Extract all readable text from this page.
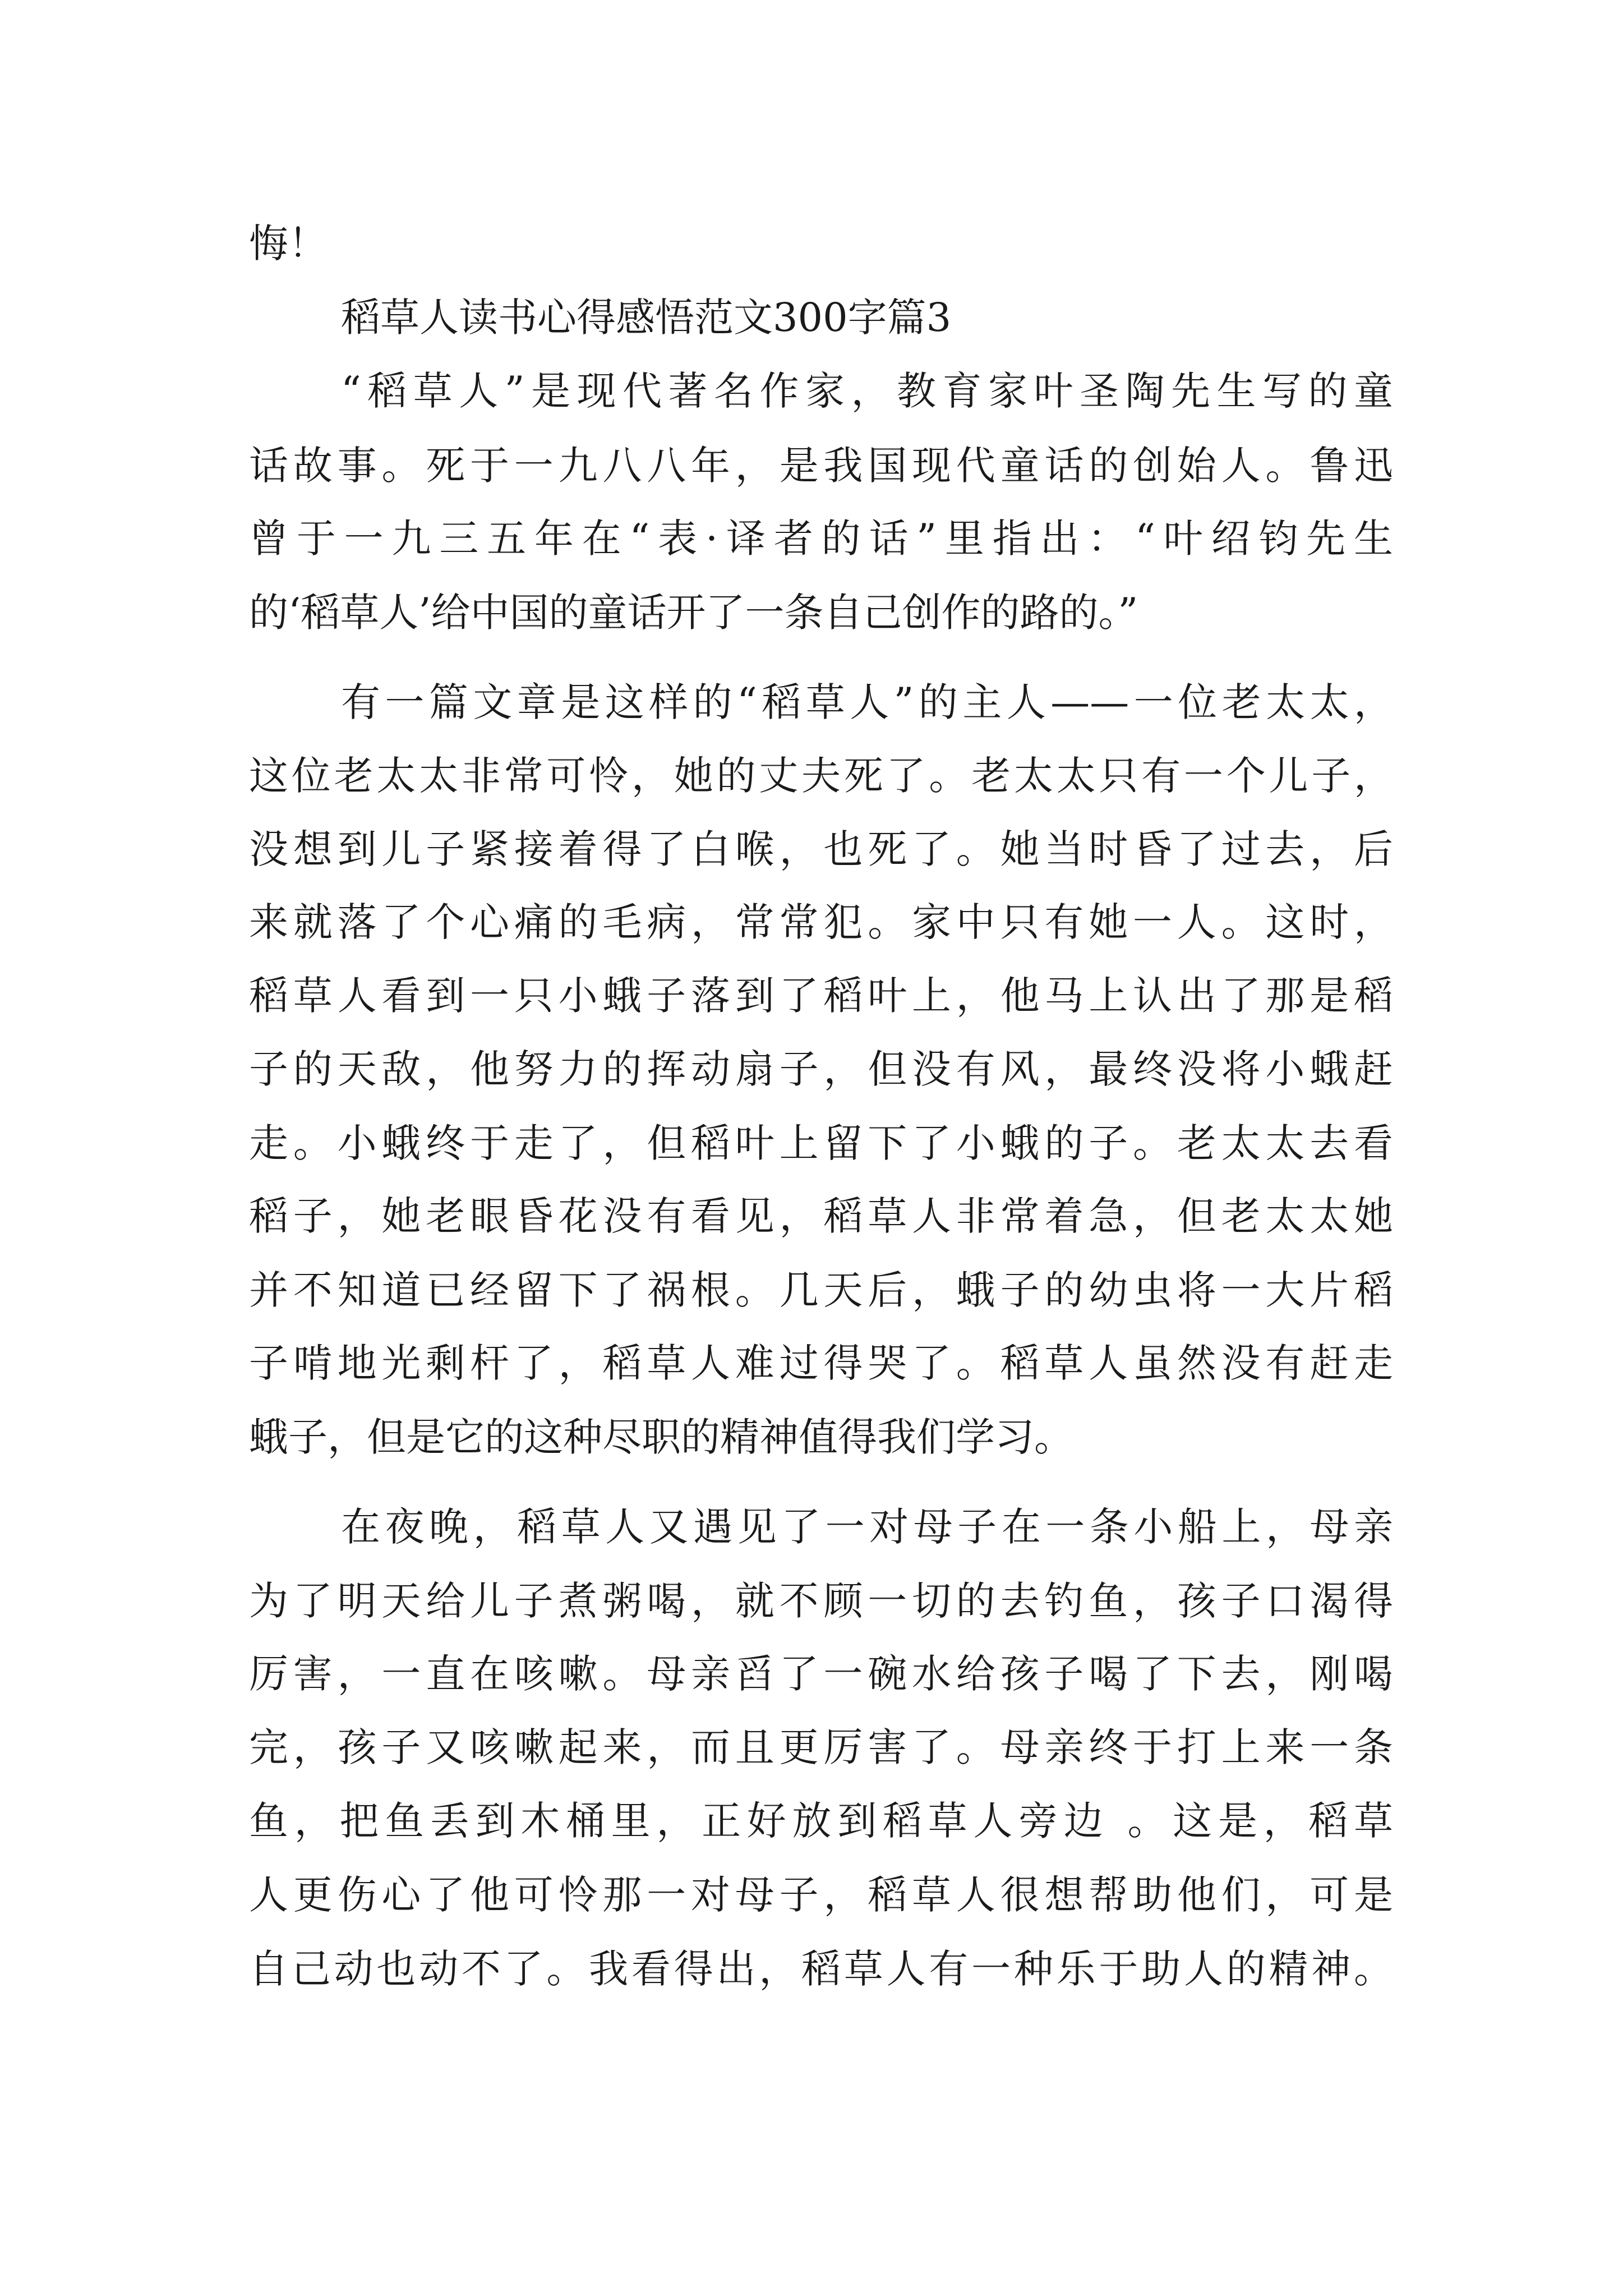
悔！
稻草人读书心得感悟范文300字篇3
“稻草人”是现代著名作家，教育家叶圣陶先生写的童
话故事。死于一九八八年，是我国现代童话的创始人。鲁迅
曾于一九三五年在“表·译者的话”里指出：“叶绍钧先生
的‘稻草人’给中国的童话开了一条自己创作的路的。”
有一篇文章是这样的“稻草人”的主人——一位老太太，
这位老太太非常可怜，她的丈夫死了。老太太只有一个儿子，
没想到儿子紧接着得了白喉，也死了。她当时昏了过去，后
来就落了个心痛的毛病，常常犯。家中只有她一人。这时，
稻草人看到一只小蛾子落到了稻叶上，他马上认出了那是稻
子的天敌，他努力的挥动扇子，但没有风，最终没将小蛾赶
走。小蛾终于走了，但稻叶上留下了小蛾的子。老太太去看
稻子，她老眼昏花没有看见，稻草人非常着急，但老太太她
并不知道已经留下了祸根。几天后，蛾子的幼虫将一大片稻
子啃地光剩杆了，稻草人难过得哭了。稻草人虽然没有赶走
蛾子，但是它的这种尽职的精神值得我们学习。
在夜晚，稻草人又遇见了一对母子在一条小船上，母亲
为了明天给儿子煮粥喝，就不顾一切的去钓鱼，孩子口渴得
厉害，一直在咳嗽。母亲舀了一碗水给孩子喝了下去，刚喝
完，孩子又咳嗽起来，而且更厉害了。母亲终于打上来一条
鱼，把鱼丢到木桶里，正好放到稻草人旁边 。这是，稻草
人更伤心了他可怜那一对母子，稻草人很想帮助他们，可是
自己动也动不了。我看得出，稻草人有一种乐于助人的精神。
